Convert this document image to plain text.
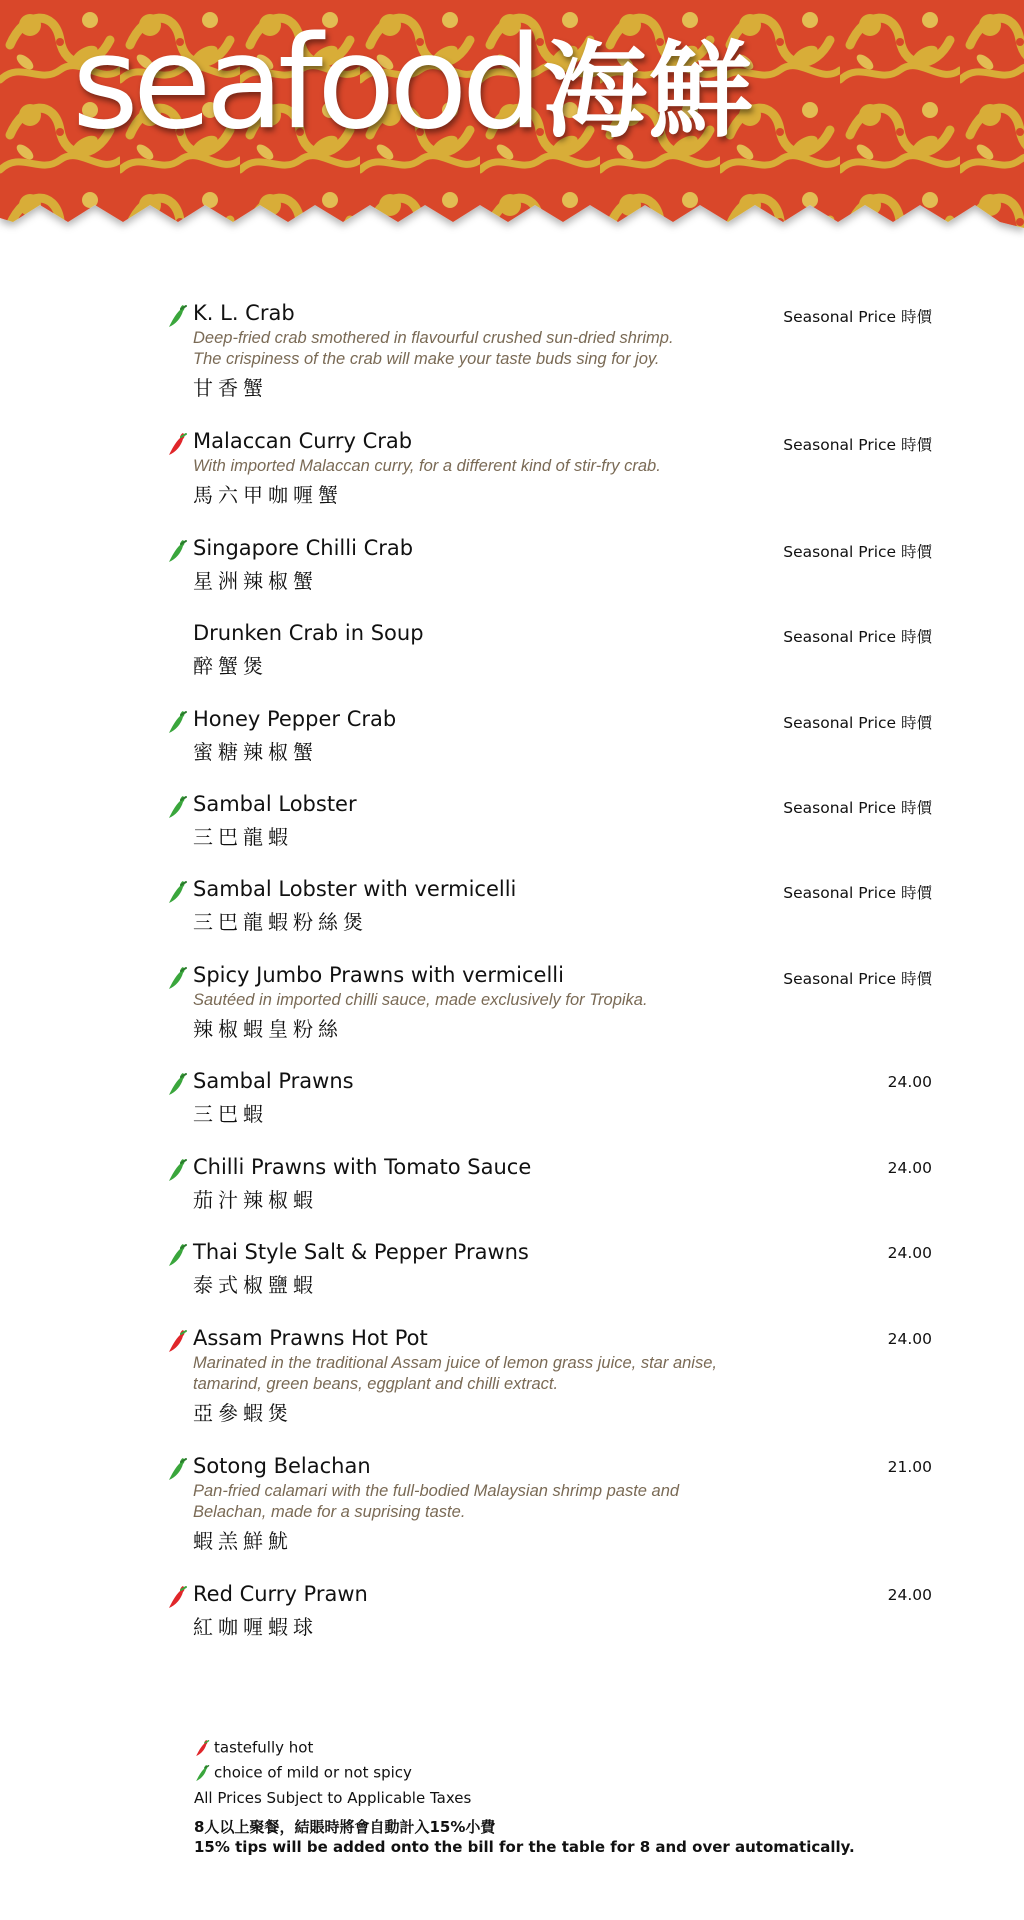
seafood海鮮
K. L. Crab
Deep-fried crab smothered in flavourful crushed sun-dried shrimp.
The crispiness of the crab will make your taste buds sing for joy.
甘香蟹
Seasonal Price 時價
Malaccan Curry Crab
With imported Malaccan curry, for a different kind of stir-fry crab.
馬六甲咖喱蟹
Seasonal Price 時價
Singapore Chilli Crab
星洲辣椒蟹
Seasonal Price 時價
Drunken Crab in Soup
醉蟹煲
Seasonal Price 時價
Honey Pepper Crab
蜜糖辣椒蟹
Seasonal Price 時價
Sambal Lobster
三巴龍蝦
Seasonal Price 時價
Sambal Lobster with vermicelli
三巴龍蝦粉絲煲
Seasonal Price 時價
Spicy Jumbo Prawns with vermicelli
Sautéed in imported chilli sauce, made exclusively for Tropika.
辣椒蝦皇粉絲
Seasonal Price 時價
Sambal Prawns
三巴蝦
24.00
Chilli Prawns with Tomato Sauce
茄汁辣椒蝦
24.00
Thai Style Salt & Pepper Prawns
泰式椒鹽蝦
24.00
Assam Prawns Hot Pot
Marinated in the traditional Assam juice of lemon grass juice, star anise,
tamarind, green beans, eggplant and chilli extract.
亞參蝦煲
24.00
Sotong Belachan
Pan-fried calamari with the full-bodied Malaysian shrimp paste and
Belachan, made for a suprising taste.
蝦羔鮮魷
21.00
Red Curry Prawn
紅咖喱蝦球
24.00
tastefully hot
choice of mild or not spicy
All Prices Subject to Applicable Taxes
8人以上聚餐，結賬時將會自動計入15%小費
15% tips will be added onto the bill for the table for 8 and over automatically.
